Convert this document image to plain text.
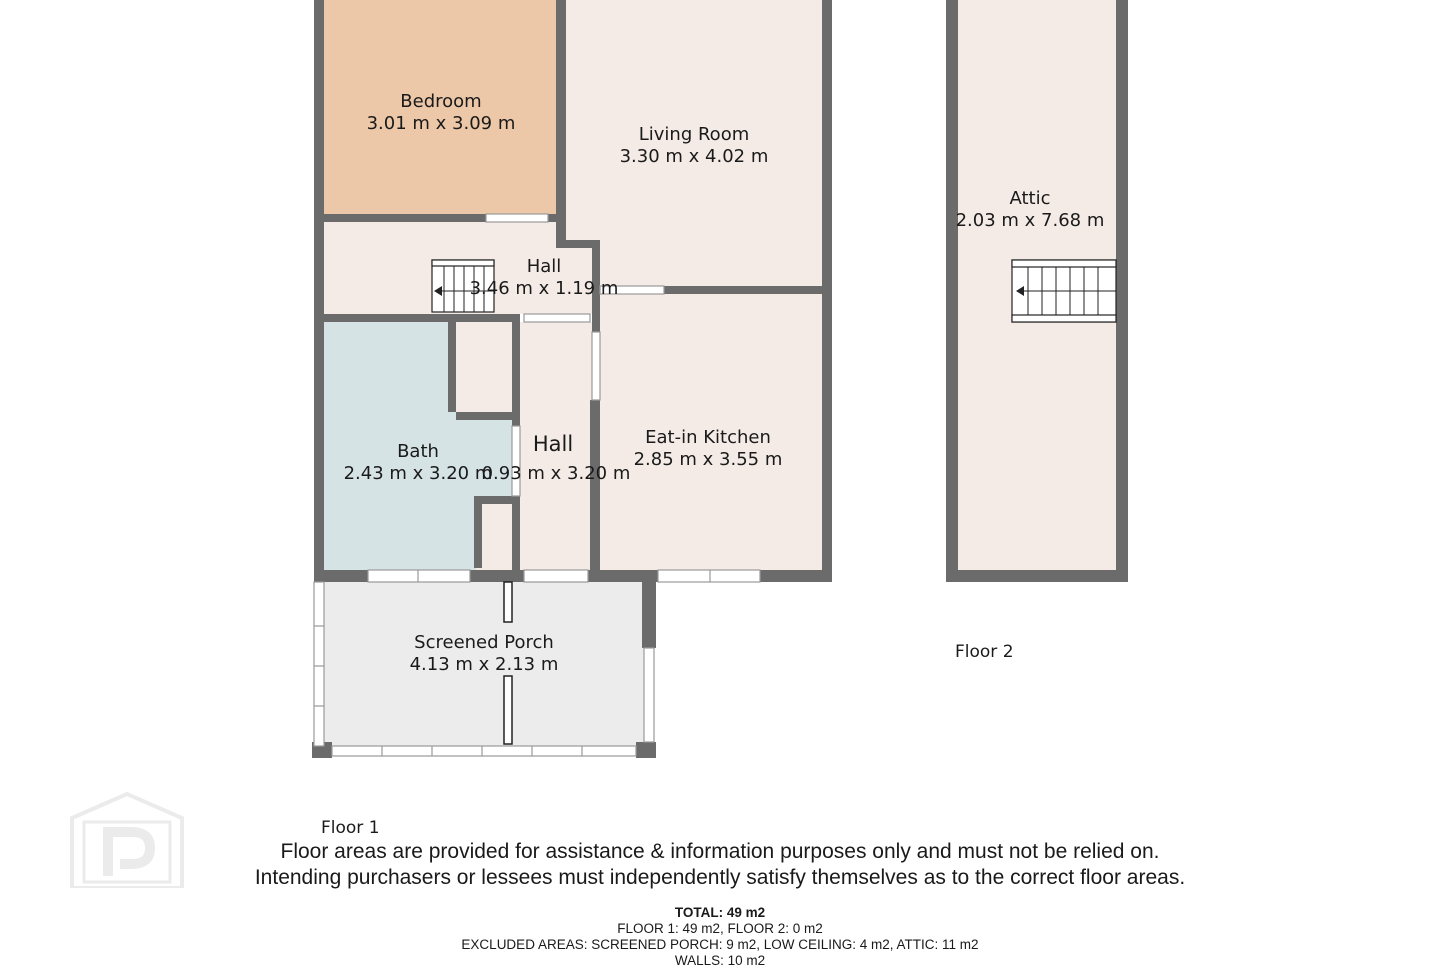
Bedroom
3.01 m x 3.09 m
Living Room
3.30 m x 4.02 m
Hall
3.46 m x 1.19 m
Bath
2.43 m x 3.20 m
Hall
0.93 m x 3.20 m
Eat-in Kitchen
2.85 m x 3.55 m
Screened Porch
4.13 m x 2.13 m
Attic
2.03 m x 7.68 m
Floor 2
Floor 1
Floor areas are provided for assistance & information purposes only and must not be relied on.
Intending purchasers or lessees must independently satisfy themselves as to the correct floor areas.
TOTAL: 49 m2
FLOOR 1: 49 m2, FLOOR 2: 0 m2
EXCLUDED AREAS: SCREENED PORCH: 9 m2, LOW CEILING: 4 m2, ATTIC: 11 m2
WALLS: 10 m2
